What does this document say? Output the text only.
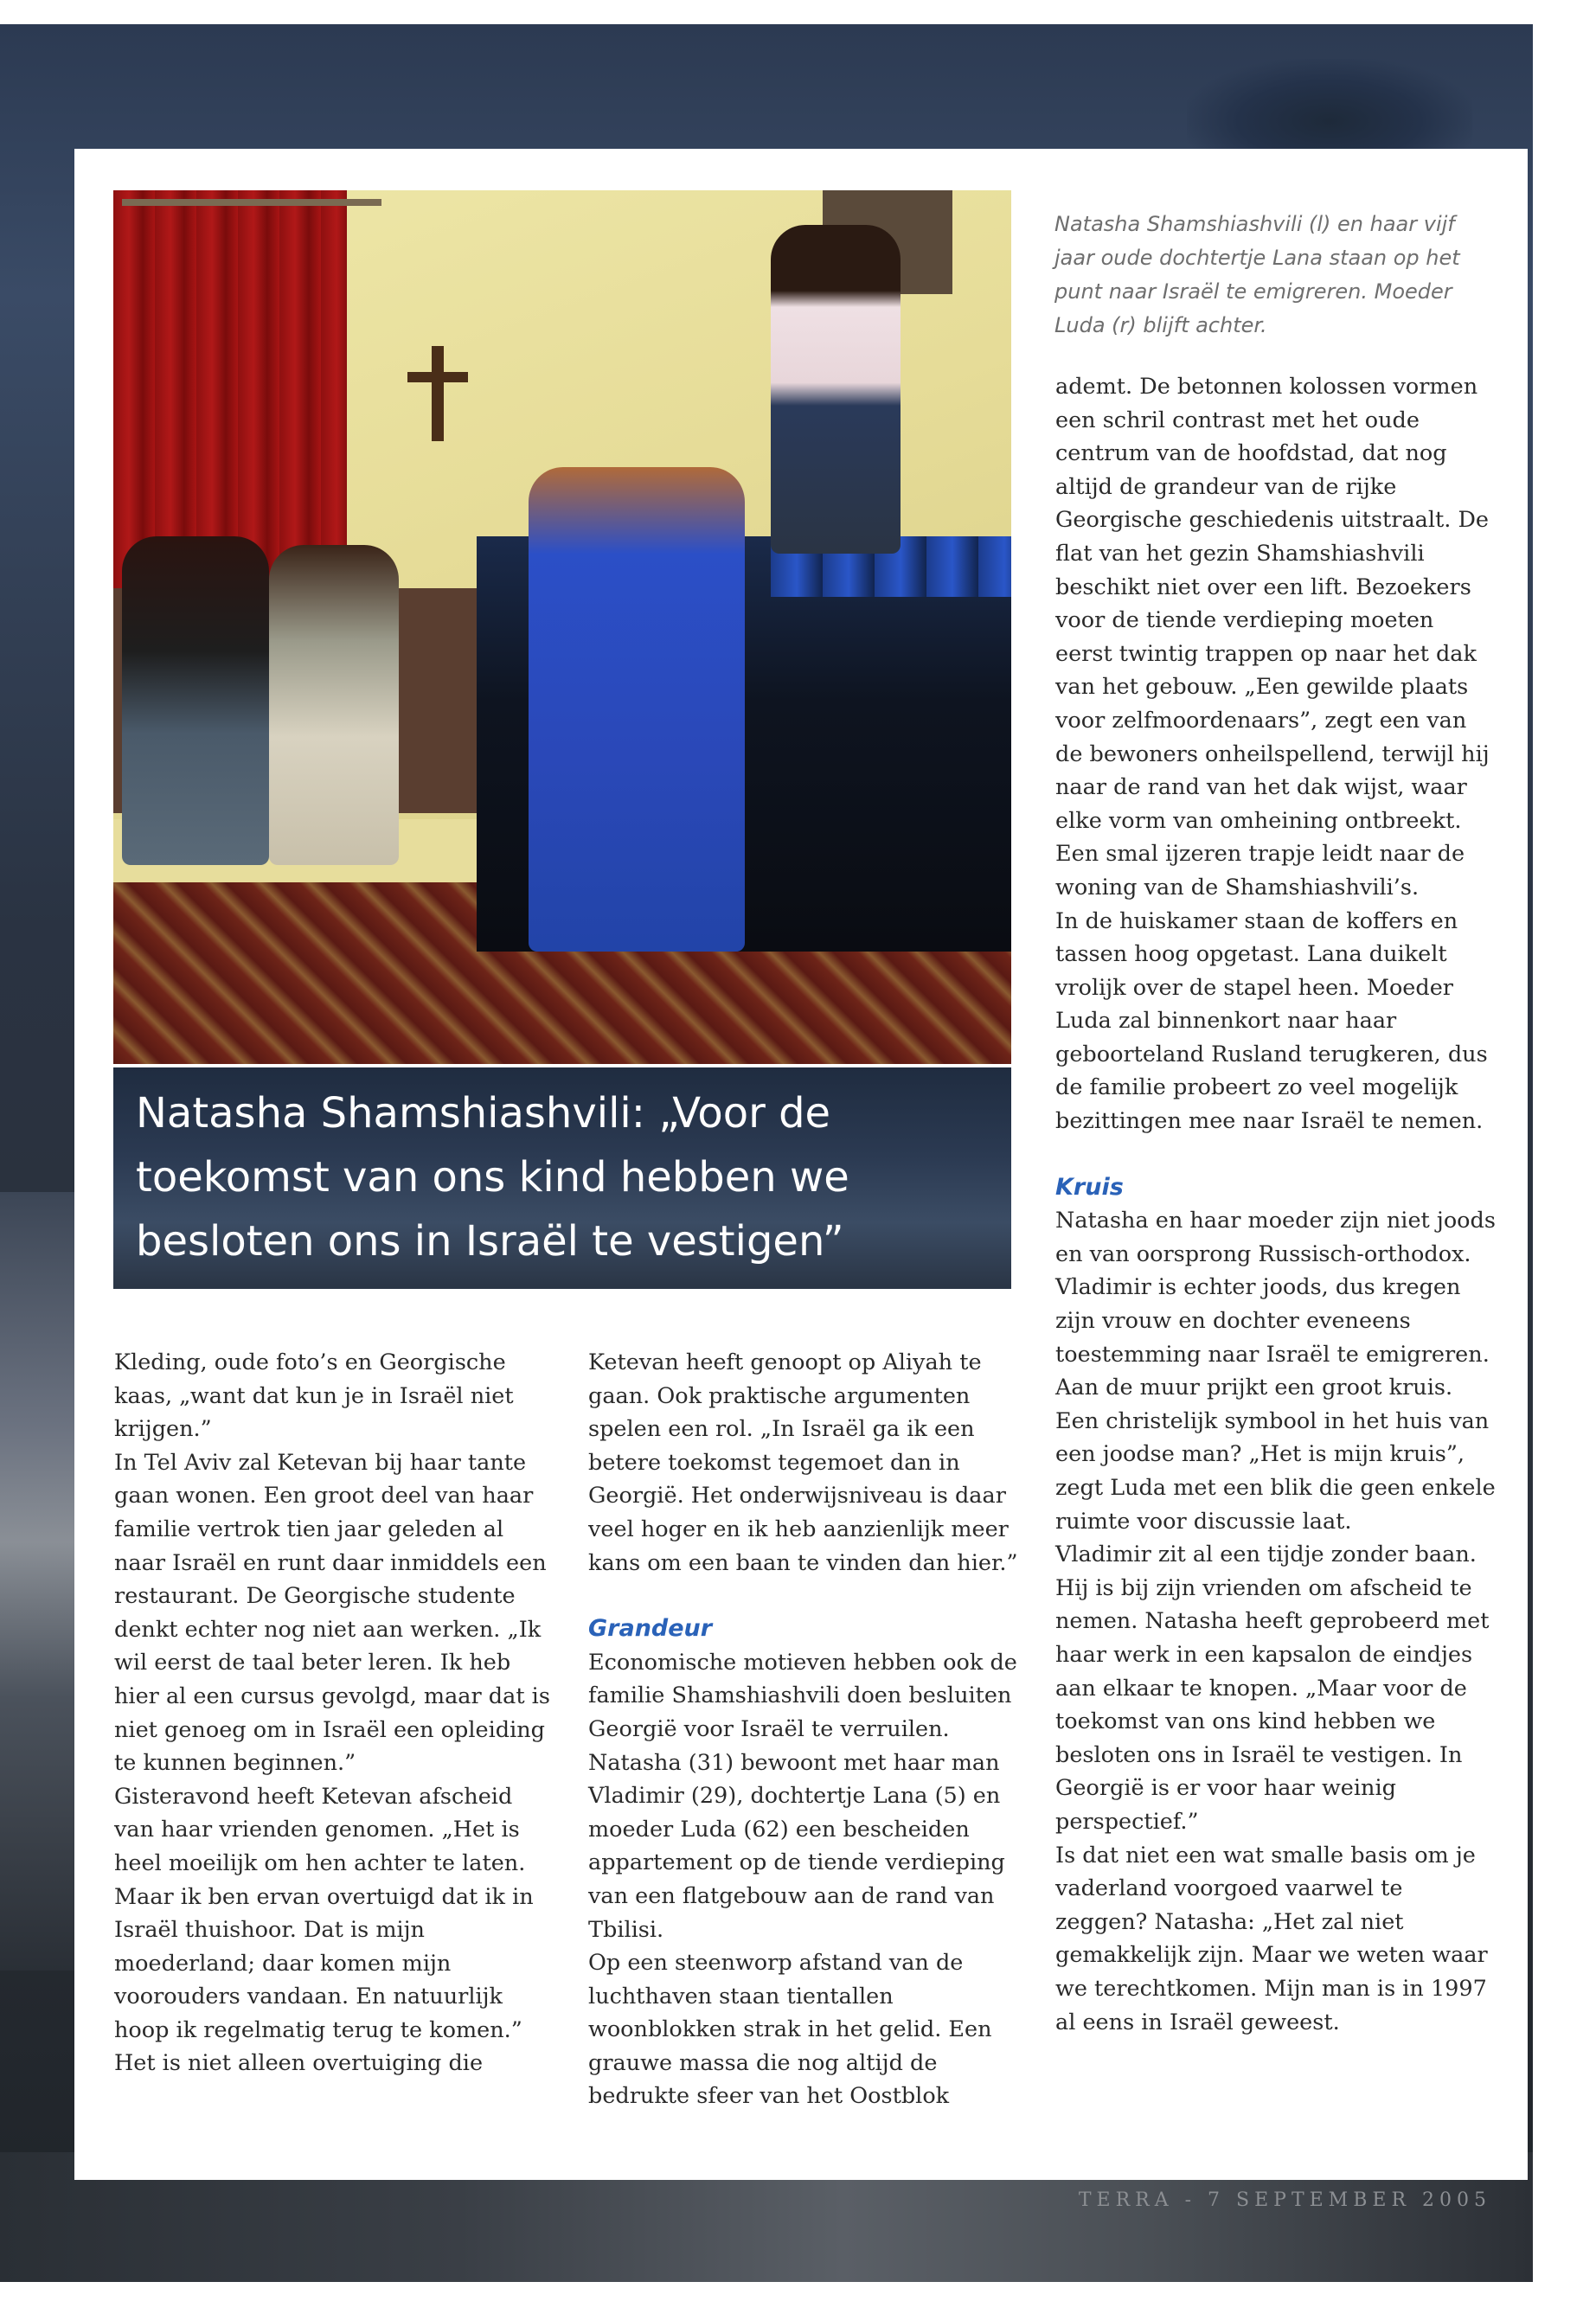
TERRA - 7 SEPTEMBER 2005

Natasha Shamshiashvili: „Voor de
toekomst van ons kind hebben we
besloten ons in Israël te vestigen”

Natasha Shamshiashvili (l) en haar vijf
jaar oude dochtertje Lana staan op het
punt naar Israël te emigreren. Moeder
Luda (r) blijft achter.

Kleding, oude foto’s en Georgische kaas, „want dat kun je in Israël niet krijgen.”

In Tel Aviv zal Ketevan bij haar tante gaan wonen. Een groot deel van haar familie vertrok tien jaar geleden al naar Israël en runt daar inmiddels een restaurant. De Georgische studente denkt echter nog niet aan werken. „Ik wil eerst de taal beter leren. Ik heb hier al een cursus gevolgd, maar dat is niet genoeg om in Israël een opleiding te kunnen beginnen.”

Gisteravond heeft Ketevan afscheid van haar vrienden genomen. „Het is heel moeilijk om hen achter te laten. Maar ik ben ervan overtuigd dat ik in Israël thuishoor. Dat is mijn moederland; daar komen mijn voorouders vandaan. En natuurlijk hoop ik regelmatig terug te komen.”

Het is niet alleen overtuiging die

Ketevan heeft genoopt op Aliyah te gaan. Ook praktische argumenten spelen een rol. „In Israël ga ik een betere toekomst tegemoet dan in Georgië. Het onderwijsniveau is daar veel hoger en ik heb aanzienlijk meer kans om een baan te vinden dan hier.”

Grandeur

Economische motieven hebben ook de familie Shamshiashvili doen besluiten Georgië voor Israël te verruilen. Natasha (31) bewoont met haar man Vladimir (29), dochtertje Lana (5) en moeder Luda (62) een bescheiden appartement op de tiende verdieping van een flatgebouw aan de rand van Tbilisi.

Op een steenworp afstand van de luchthaven staan tientallen woonblokken strak in het gelid. Een grauwe massa die nog altijd de bedrukte sfeer van het Oostblok

ademt. De betonnen kolossen vormen een schril contrast met het oude centrum van de hoofdstad, dat nog altijd de grandeur van de rijke Georgische geschiedenis uitstraalt. De flat van het gezin Shamshiashvili beschikt niet over een lift. Bezoekers voor de tiende verdieping moeten eerst twintig trappen op naar het dak van het gebouw. „Een gewilde plaats voor zelfmoordenaars”, zegt een van de bewoners onheilspellend, terwijl hij naar de rand van het dak wijst, waar elke vorm van omheining ontbreekt. Een smal ijzeren trapje leidt naar de woning van de Shamshiashvili’s.

In de huiskamer staan de koffers en tassen hoog opgetast. Lana duikelt vrolijk over de stapel heen. Moeder Luda zal binnenkort naar haar geboorteland Rusland terugkeren, dus de familie probeert zo veel mogelijk bezittingen mee naar Israël te nemen.

Kruis

Natasha en haar moeder zijn niet joods en van oorsprong Russisch-orthodox. Vladimir is echter joods, dus kregen zijn vrouw en dochter eveneens toestemming naar Israël te emigreren. Aan de muur prijkt een groot kruis. Een christelijk symbool in het huis van een joodse man? „Het is mijn kruis”, zegt Luda met een blik die geen enkele ruimte voor discussie laat.

Vladimir zit al een tijdje zonder baan. Hij is bij zijn vrienden om afscheid te nemen. Natasha heeft geprobeerd met haar werk in een kapsalon de eindjes aan elkaar te knopen. „Maar voor de toekomst van ons kind hebben we besloten ons in Israël te vestigen. In Georgië is er voor haar weinig perspectief.”

Is dat niet een wat smalle basis om je vaderland voorgoed vaarwel te zeggen? Natasha: „Het zal niet gemakkelijk zijn. Maar we weten waar we terechtkomen. Mijn man is in 1997 al eens in Israël geweest.
